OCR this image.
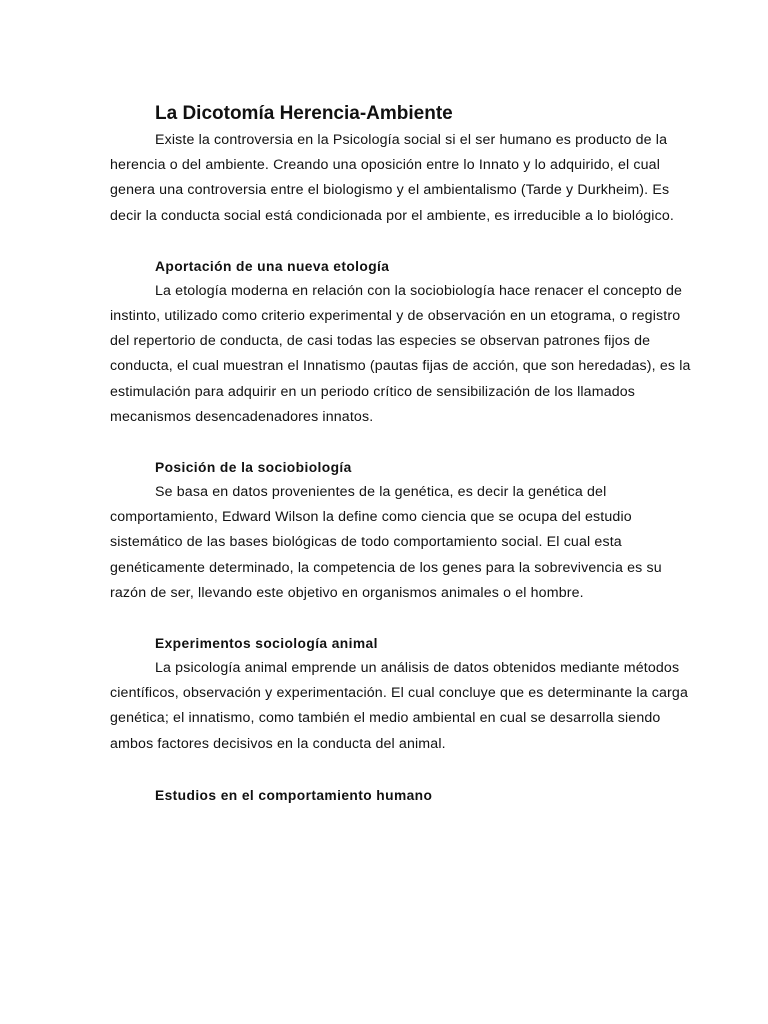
La Dicotomía Herencia-Ambiente

Existe la controversia en la Psicología social si el ser humano es producto de la herencia o del ambiente. Creando una oposición entre lo Innato y lo adquirido, el cual genera una controversia entre el biologismo y el ambientalismo (Tarde y Durkheim). Es decir la conducta social está condicionada por el ambiente, es irreducible a lo biológico.

Aportación de una nueva etología

La etología moderna en relación con la sociobiología hace renacer el concepto de instinto, utilizado como criterio experimental y de observación en un etograma, o registro del repertorio de conducta, de casi todas las especies se observan patrones fijos de conducta, el cual muestran el Innatismo (pautas fijas de acción, que son heredadas), es la estimulación para adquirir en un periodo crítico de sensibilización de los llamados mecanismos desencadenadores innatos.

Posición de la sociobiología

Se basa en datos provenientes de la genética, es decir la genética del comportamiento, Edward Wilson la define como ciencia que se ocupa del estudio sistemático de las bases biológicas de todo comportamiento social. El cual esta genéticamente determinado, la competencia de los genes para la sobrevivencia es su razón de ser, llevando este objetivo en organismos animales o el hombre.

Experimentos sociología animal

La psicología animal emprende un análisis de datos obtenidos mediante métodos científicos, observación y experimentación. El cual concluye que es determinante la carga genética; el innatismo, como también el medio ambiental en cual se desarrolla siendo ambos factores decisivos en la conducta del animal.

Estudios en el comportamiento humano
